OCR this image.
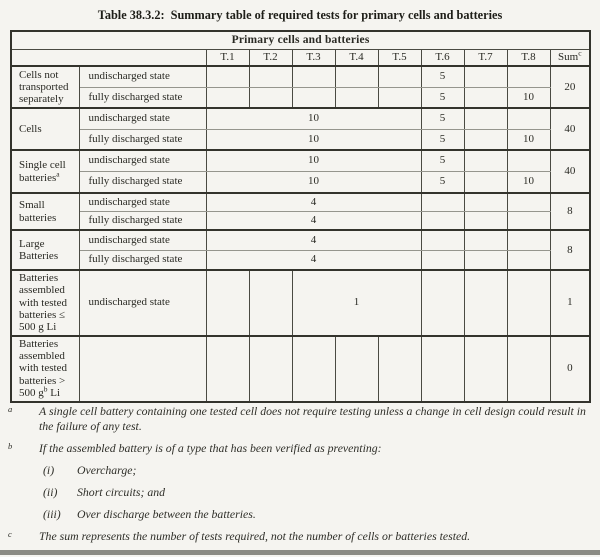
Table 38.3.2: Summary table of required tests for primary cells and batteries
Primary cells and batteries										
		T.1	T.2	T.3	T.4	T.5	T.6	T.7	T.8	Sum$^c$
Cells not transported separately	undischarged state						5			20
	fully discharged state						5		10	
Cells	undischarged state	10					5			40
	fully discharged state	10					5		10	
Single cell batteries$^a$	undischarged state	10					5			40
	fully discharged state	10					5		10	
Small batteries	undischarged state	4								8
	fully discharged state	4								
Large Batteries	undischarged state	4								8
	fully discharged state	4								
Batteries assembled with tested batteries ≤ 500 g Li	undischarged state			1						1
Batteries assembled with tested batteries > 500 $g^b$ Li										0
a A single cell battery containing one tested cell does not require testing unless a change in cell design could result in the failure of any test.
b If the assembled battery is of a type that has been verified as preventing:
(i)	Overcharge;
(ii)	Short circuits; and
(iii)	Over discharge between the batteries.
c The sum represents the number of tests required, not the number of cells or batteries tested.
